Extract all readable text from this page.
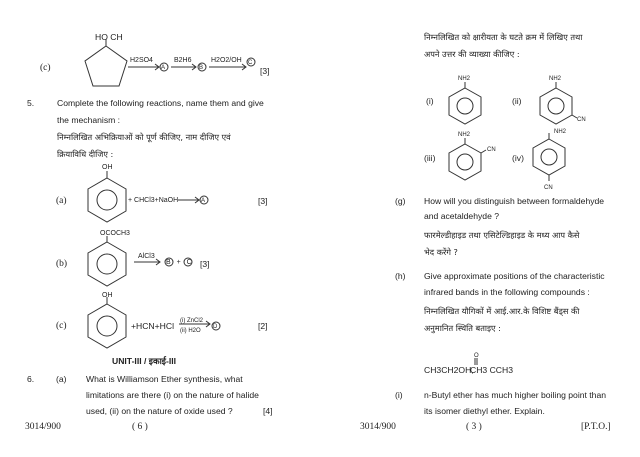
(c)
HO CH
H2SO4	B2H6	H2O2/OH
A	B
C
[3]
5.	Complete the following reactions, name them and give
the mechanism :
निम्नलिखित अभिक्रियाओं को पूर्ण कीजिए, नाम दीजिए एवं
क्रियाविधि दीजिए :
(a)
OH
+ CHCl3+NaOH	A	[3]
(b)
OCOCH3
AlCl3
B + C [3]
(c)
OH
+HCN+HCl (i) ZnCl2
(ii) H2O
D	[2]
UNIT-III / इकाई-III
6.	(a) What is Williamson Ether synthesis, what
limitations are there (i) on the nature of halide
used, (ii) on the nature of oxide used ?	[4]
3014/900	( 6 )
निम्नलिखित को क्षारीयता के घटते क्रम में लिखिए तथा
अपने उत्तर की व्याख्या कीजिए :
(i)
NH2
(ii)
NH2
CN
(iii)
NH2
CN
(iv)
NH2
CN
(g) How will you distinguish between formaldehyde
and acetaldehyde ?
फारमेल्डीहाइड तथा एसिटेल्डिहाइड के मध्य आप कैसे
भेद करेंगे ?
(h) Give approximate positions of the characteristic
infrared bands in the following compounds :
निम्नलिखित यौगिकों में आई.आर.के विशिष्ट बैंड्स की
अनुमानित स्थिति बताइए :
CH3CH2OH,
O
CH3 CCH3
(i) n-Butyl ether has much higher boiling point than
its isomer diethyl ether. Explain.
3014/900	( 3 )	[P.T.O.]
